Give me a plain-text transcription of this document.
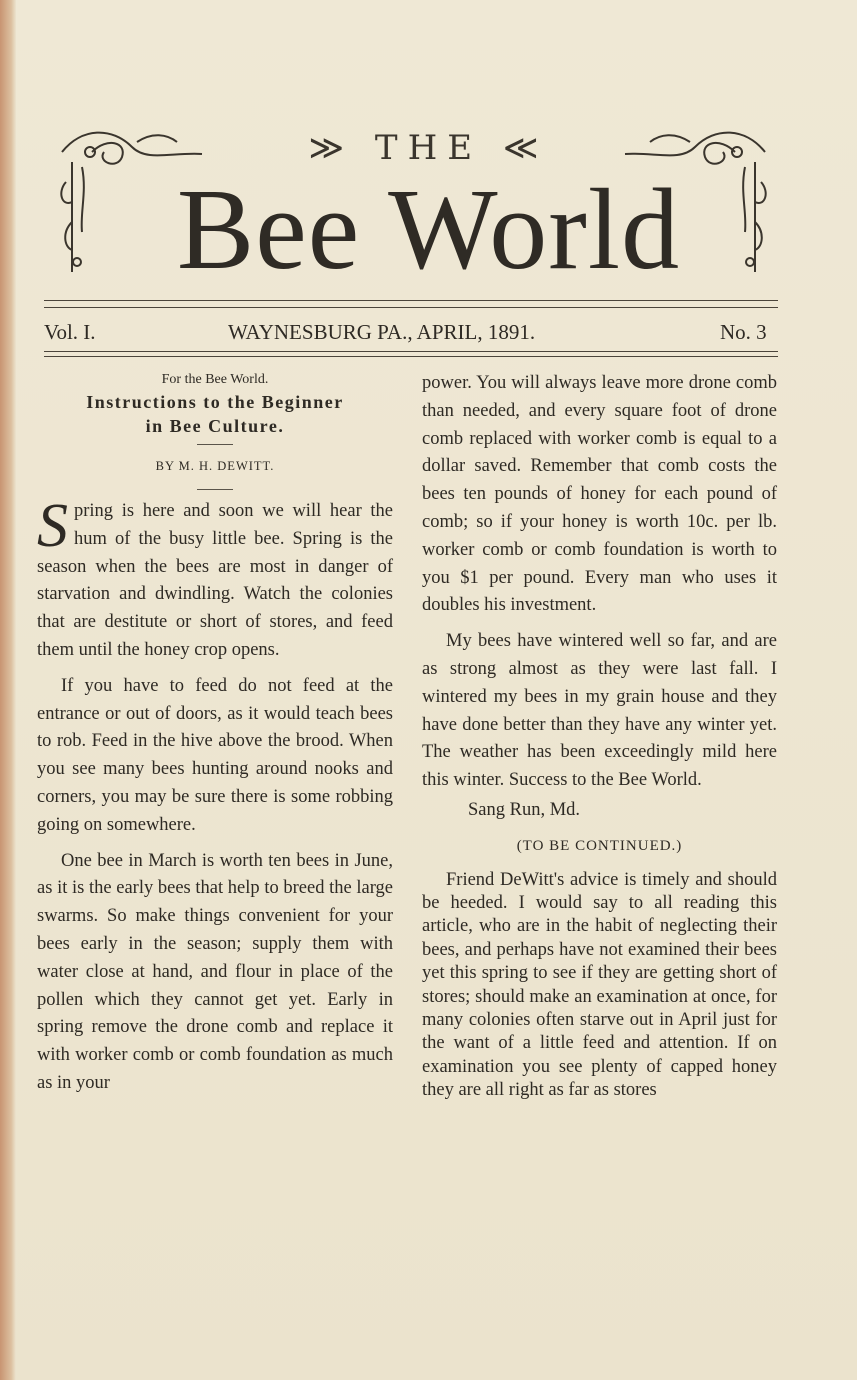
≫ THE ≪
Bee World
Vol. I.	WAYNESBURG PA., APRIL, 1891.	No. 3
For the Bee World.
Instructions to the Beginner
in Bee Culture.
BY M. H. DEWITT.

S pring is here and soon we will hear the hum of the busy little bee. Spring is the season when the bees are most in danger of starvation and dwindling. Watch the colonies that are destitute or short of stores, and feed them until the honey crop opens.

If you have to feed do not feed at the entrance or out of doors, as it would teach bees to rob. Feed in the hive above the brood. When you see many bees hunting around nooks and corners, you may be sure there is some robbing going on somewhere.

One bee in March is worth ten bees in June, as it is the early bees that help to breed the large swarms. So make things convenient for your bees early in the season; supply them with water close at hand, and flour in place of the pollen which they cannot get yet. Early in spring remove the drone comb and replace it with worker comb or comb foundation as much as in your

power. You will always leave more drone comb than needed, and every square foot of drone comb replaced with worker comb is equal to a dollar saved. Remember that comb costs the bees ten pounds of honey for each pound of comb; so if your honey is worth 10c. per lb. worker comb or comb foundation is worth to you $1 per pound. Every man who uses it doubles his investment.

My bees have wintered well so far, and are as strong almost as they were last fall. I wintered my bees in my grain house and they have done better than they have any winter yet. The weather has been exceedingly mild here this winter. Success to the Bee World.

Sang Run, Md.

(TO BE CONTINUED.)

Friend DeWitt's advice is timely and should be heeded. I would say to all reading this article, who are in the habit of neglecting their bees, and perhaps have not examined their bees yet this spring to see if they are getting short of stores; should make an examination at once, for many colonies often starve out in April just for the want of a little feed and attention. If on examination you see plenty of capped honey they are all right as far as stores
